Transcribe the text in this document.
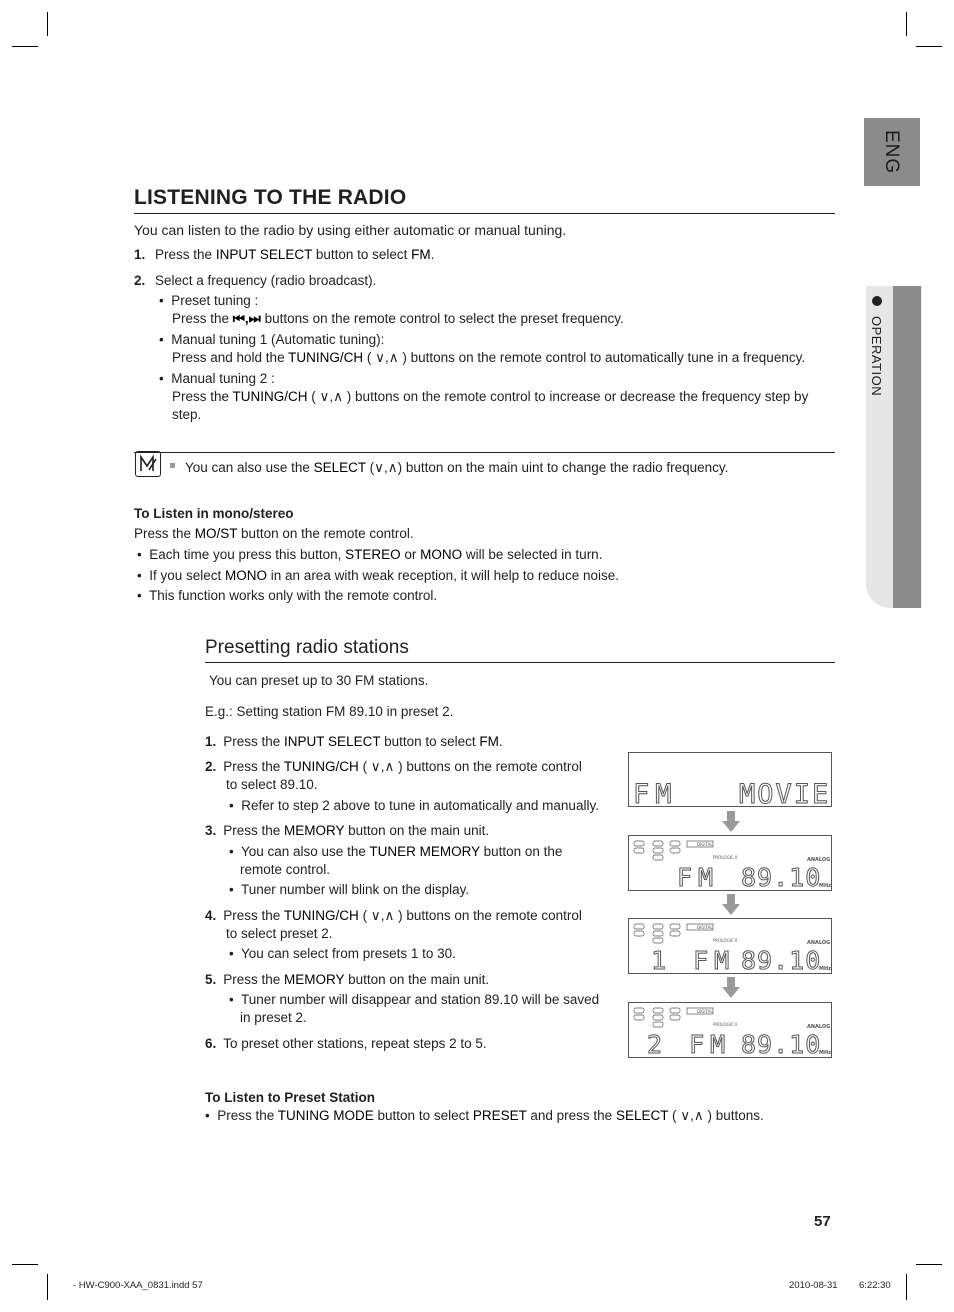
ENG
OPERATION
LISTENING TO THE RADIO
You can listen to the radio by using either automatic or manual tuning.
1. Press the INPUT SELECT button to select FM.
2. Select a frequency (radio broadcast).
•  Preset tuning :
Press the ⏮,⏭ buttons on the remote control to select the preset frequency.
•  Manual tuning 1 (Automatic tuning):
Press and hold the TUNING/CH ( ∨,∧ ) buttons on the remote control to automatically tune in a frequency.
•  Manual tuning 2 :
Press the TUNING/CH ( ∨,∧ ) buttons on the remote control to increase or decrease the frequency step by
step.
You can also use the SELECT (∨,∧) button on the main uint to change the radio frequency.
To Listen in mono/stereo
Press the MO/ST button on the remote control.
•  Each time you press this button, STEREO or MONO will be selected in turn.
•  If you select MONO in an area with weak reception, it will help to reduce noise.
•  This function works only with the remote control.
Presetting radio stations
You can preset up to 30 FM stations.
E.g.: Setting station FM 89.10 in preset 2.
1. Press the INPUT SELECT button to select FM.
2. Press the TUNING/CH ( ∨,∧ ) buttons on the remote control
to select 89.10.
•  Refer to step 2 above to tune in automatically and manually.
3. Press the MEMORY button on the main unit.
•  You can also use the TUNER MEMORY button on the
remote control.
•  Tuner number will blink on the display.
4. Press the TUNING/CH ( ∨,∧ ) buttons on the remote control
to select preset 2.
•  You can select from presets 1 to 30.
5. Press the MEMORY button on the main unit.
•  Tuner number will disappear and station 89.10 will be saved
in preset 2.
6. To preset other stations, repeat steps 2 to 5.
FM MOVIE
DIGITAL
PROLOGIC II	ANALOG
FM 89.10
MHz
DIGITAL
PROLOGIC II	ANALOG
1 FM 89.10
MHz
DIGITAL
PROLOGIC II	ANALOG
2 FM 89.10
MHz
To Listen to Preset Station
•  Press the TUNING MODE button to select PRESET and press the SELECT ( ∨,∧ ) buttons.
57
- HW-C900-XAA_0831.indd 57	2010-08-31 6:22:30
